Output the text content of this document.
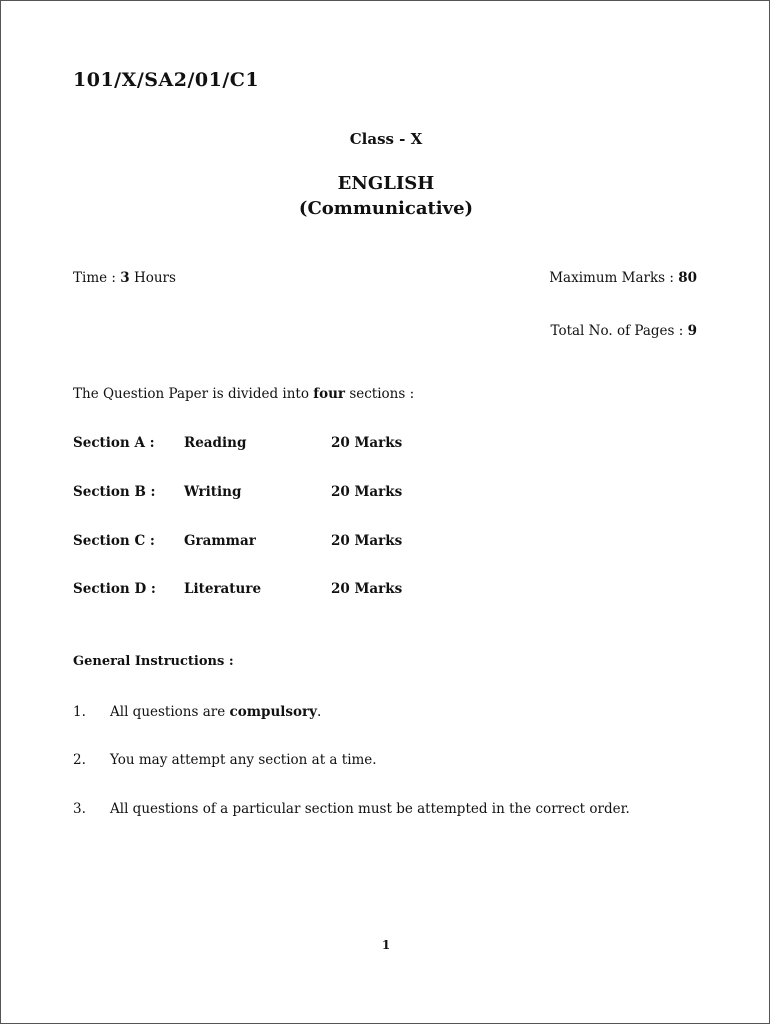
101/X/SA2/01/C1
Class - X
ENGLISH
(Communicative)
Time : 3 Hours	Maximum Marks : 80
Total No. of Pages : 9
The Question Paper is divided into four sections :
Section A : Reading	20 Marks
Section B : Writing	20 Marks
Section C : Grammar	20 Marks
Section D : Literature	20 Marks
General Instructions :
1. All questions are compulsory.
2. You may attempt any section at a time.
3. All questions of a particular section must be attempted in the correct order.
1
